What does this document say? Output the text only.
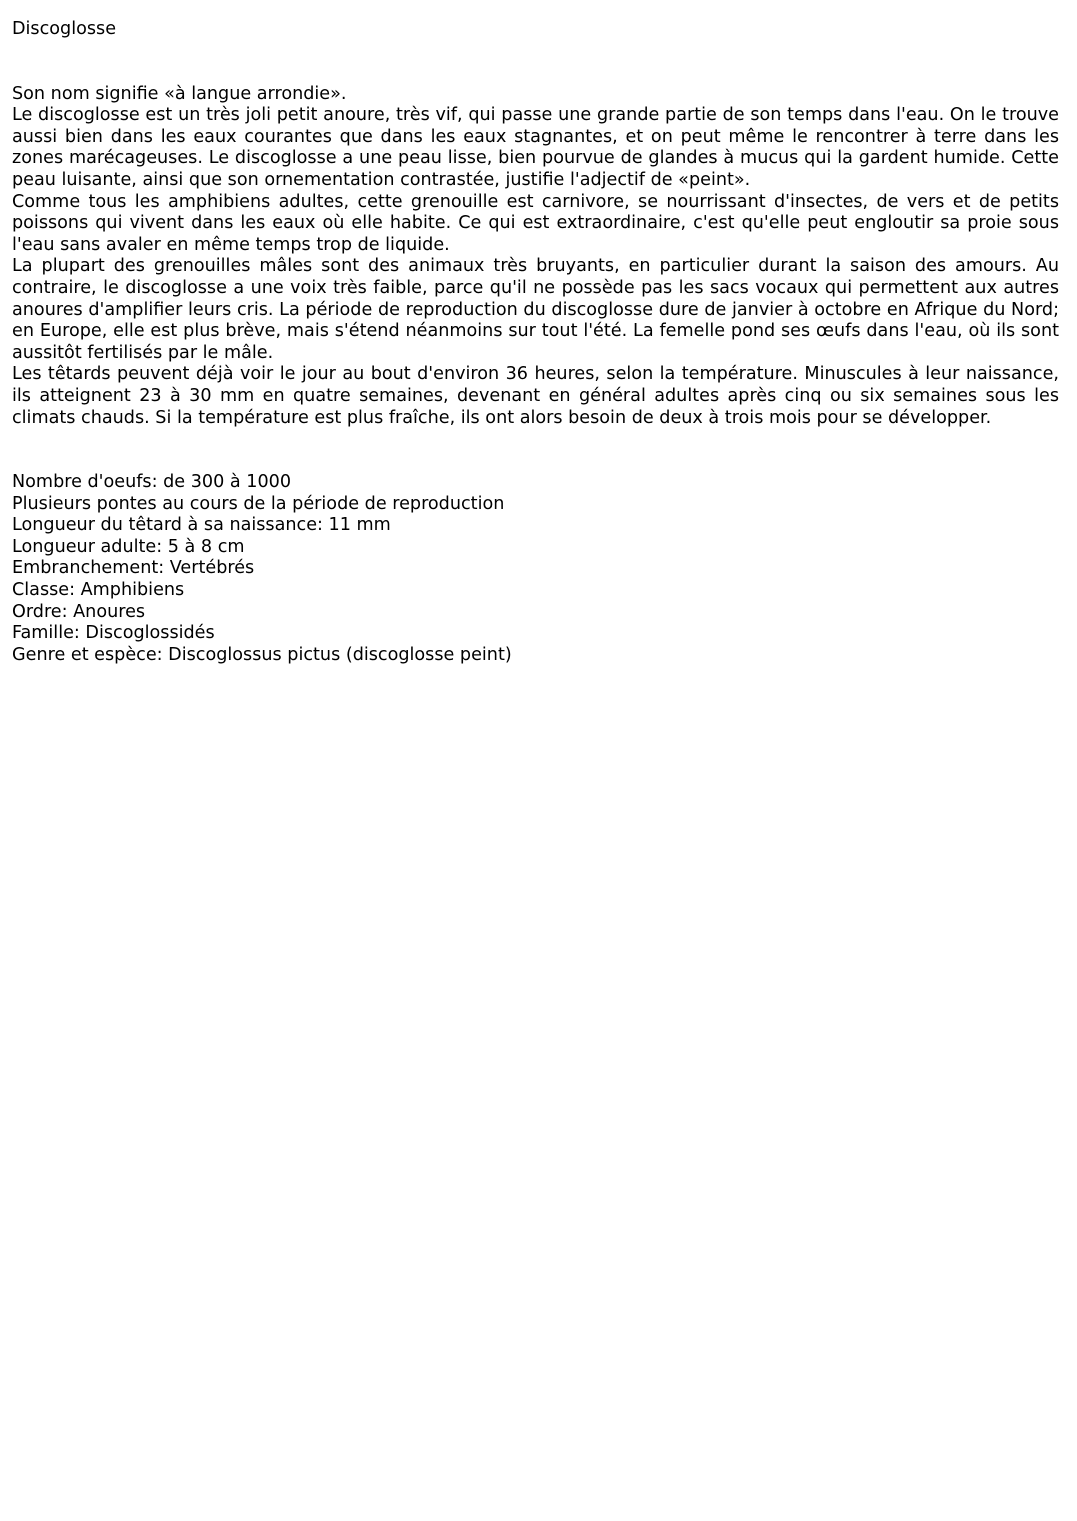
Discoglosse

Son nom signifie «à langue arrondie».

Le discoglosse est un très joli petit anoure, très vif, qui passe une grande partie de son temps dans l'eau. On le trouve aussi bien dans les eaux courantes que dans les eaux stagnantes, et on peut même le rencontrer à terre dans les zones marécageuses. Le discoglosse a une peau lisse, bien pourvue de glandes à mucus qui la gardent humide. Cette peau luisante, ainsi que son ornementation contrastée, justifie l'adjectif de «peint».

Comme tous les amphibiens adultes, cette grenouille est carnivore, se nourrissant d'insectes, de vers et de petits poissons qui vivent dans les eaux où elle habite. Ce qui est extraordinaire, c'est qu'elle peut engloutir sa proie sous l'eau sans avaler en même temps trop de liquide.

La plupart des grenouilles mâles sont des animaux très bruyants, en particulier durant la saison des amours. Au contraire, le discoglosse a une voix très faible, parce qu'il ne possède pas les sacs vocaux qui permettent aux autres anoures d'amplifier leurs cris. La période de reproduction du discoglosse dure de janvier à octobre en Afrique du Nord; en Europe, elle est plus brève, mais s'étend néanmoins sur tout l'été. La femelle pond ses œufs dans l'eau, où ils sont aussitôt fertilisés par le mâle.

Les têtards peuvent déjà voir le jour au bout d'environ 36 heures, selon la température. Minuscules à leur naissance, ils atteignent 23 à 30 mm en quatre semaines, devenant en général adultes après cinq ou six semaines sous les climats chauds. Si la température est plus fraîche, ils ont alors besoin de deux à trois mois pour se développer.

Nombre d'oeufs: de 300 à 1000

Plusieurs pontes au cours de la période de reproduction

Longueur du têtard à sa naissance: 11 mm

Longueur adulte: 5 à 8 cm

Embranchement: Vertébrés

Classe: Amphibiens

Ordre: Anoures

Famille: Discoglossidés

Genre et espèce: Discoglossus pictus (discoglosse peint)
